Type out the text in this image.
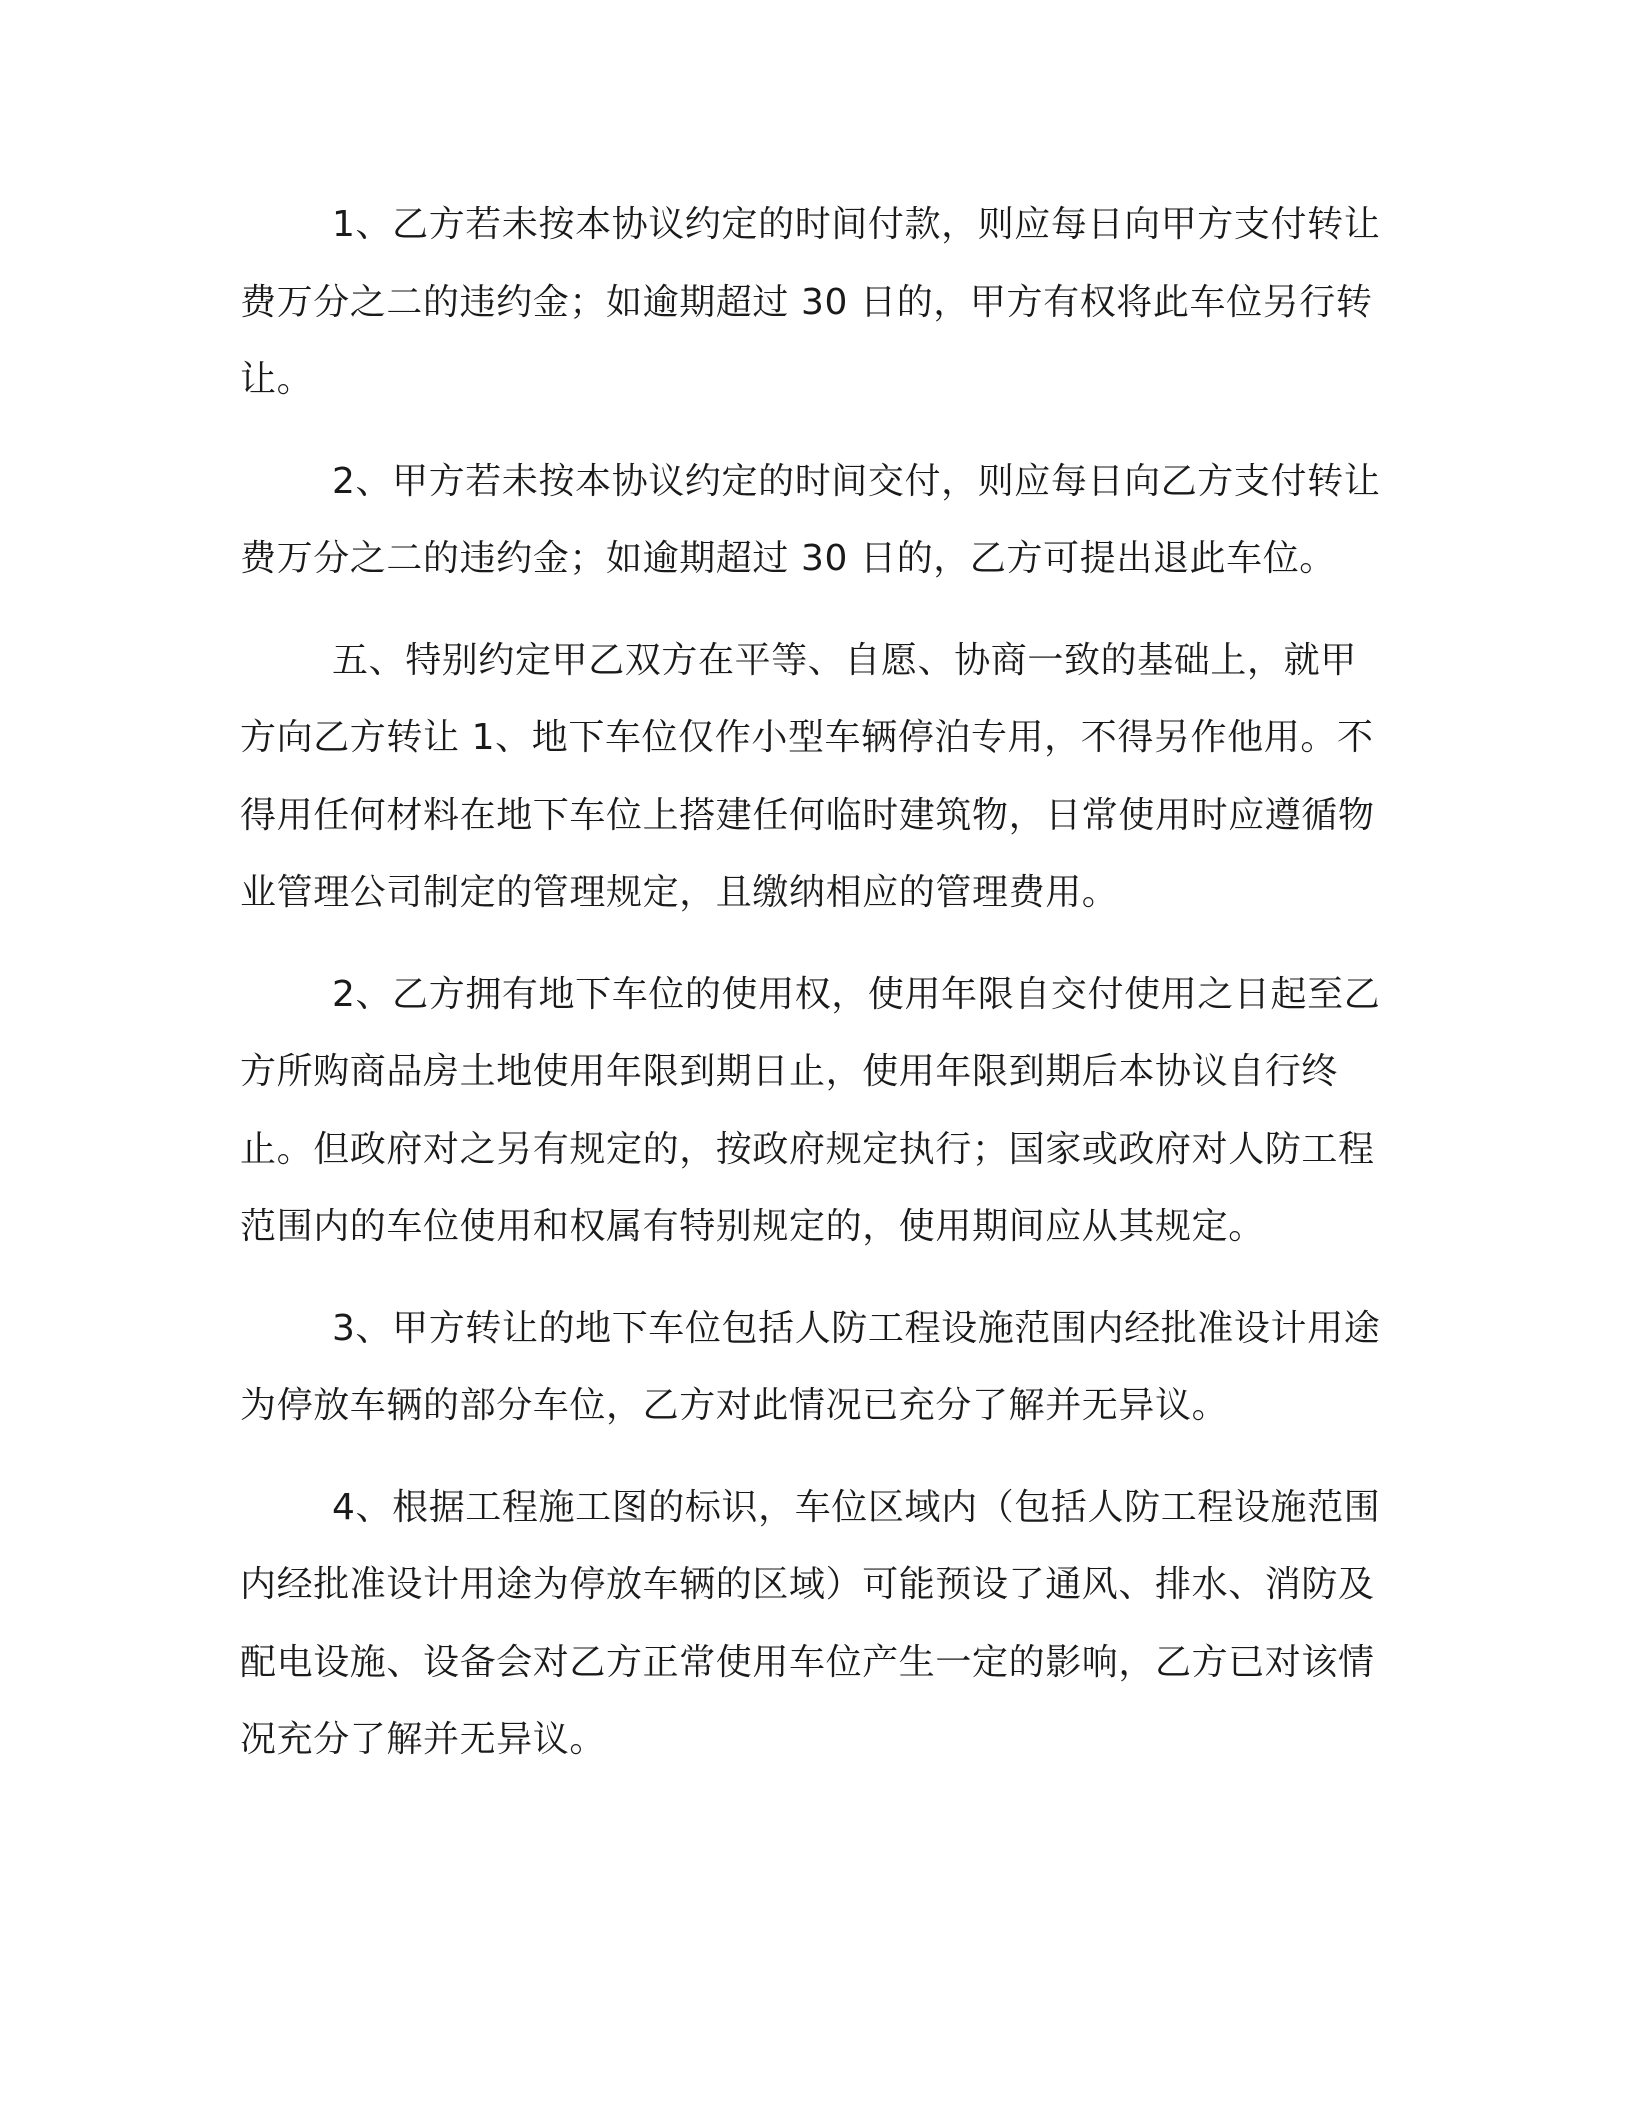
1、乙方若未按本协议约定的时间付款，则应每日向甲方支付转让费万分之二的违约金；如逾期超过 30 日的，甲方有权将此车位另行转让。

2、甲方若未按本协议约定的时间交付，则应每日向乙方支付转让费万分之二的违约金；如逾期超过 30 日的，乙方可提出退此车位。

五、特别约定甲乙双方在平等、自愿、协商一致的基础上，就甲方向乙方转让 1、地下车位仅作小型车辆停泊专用，不得另作他用。不得用任何材料在地下车位上搭建任何临时建筑物，日常使用时应遵循物业管理公司制定的管理规定，且缴纳相应的管理费用。

2、乙方拥有地下车位的使用权，使用年限自交付使用之日起至乙方所购商品房土地使用年限到期日止，使用年限到期后本协议自行终止。但政府对之另有规定的，按政府规定执行；国家或政府对人防工程范围内的车位使用和权属有特别规定的，使用期间应从其规定。

3、甲方转让的地下车位包括人防工程设施范围内经批准设计用途为停放车辆的部分车位，乙方对此情况已充分了解并无异议。

4、根据工程施工图的标识，车位区域内（包括人防工程设施范围内经批准设计用途为停放车辆的区域）可能预设了通风、排水、消防及配电设施、设备会对乙方正常使用车位产生一定的影响，乙方已对该情况充分了解并无异议。
